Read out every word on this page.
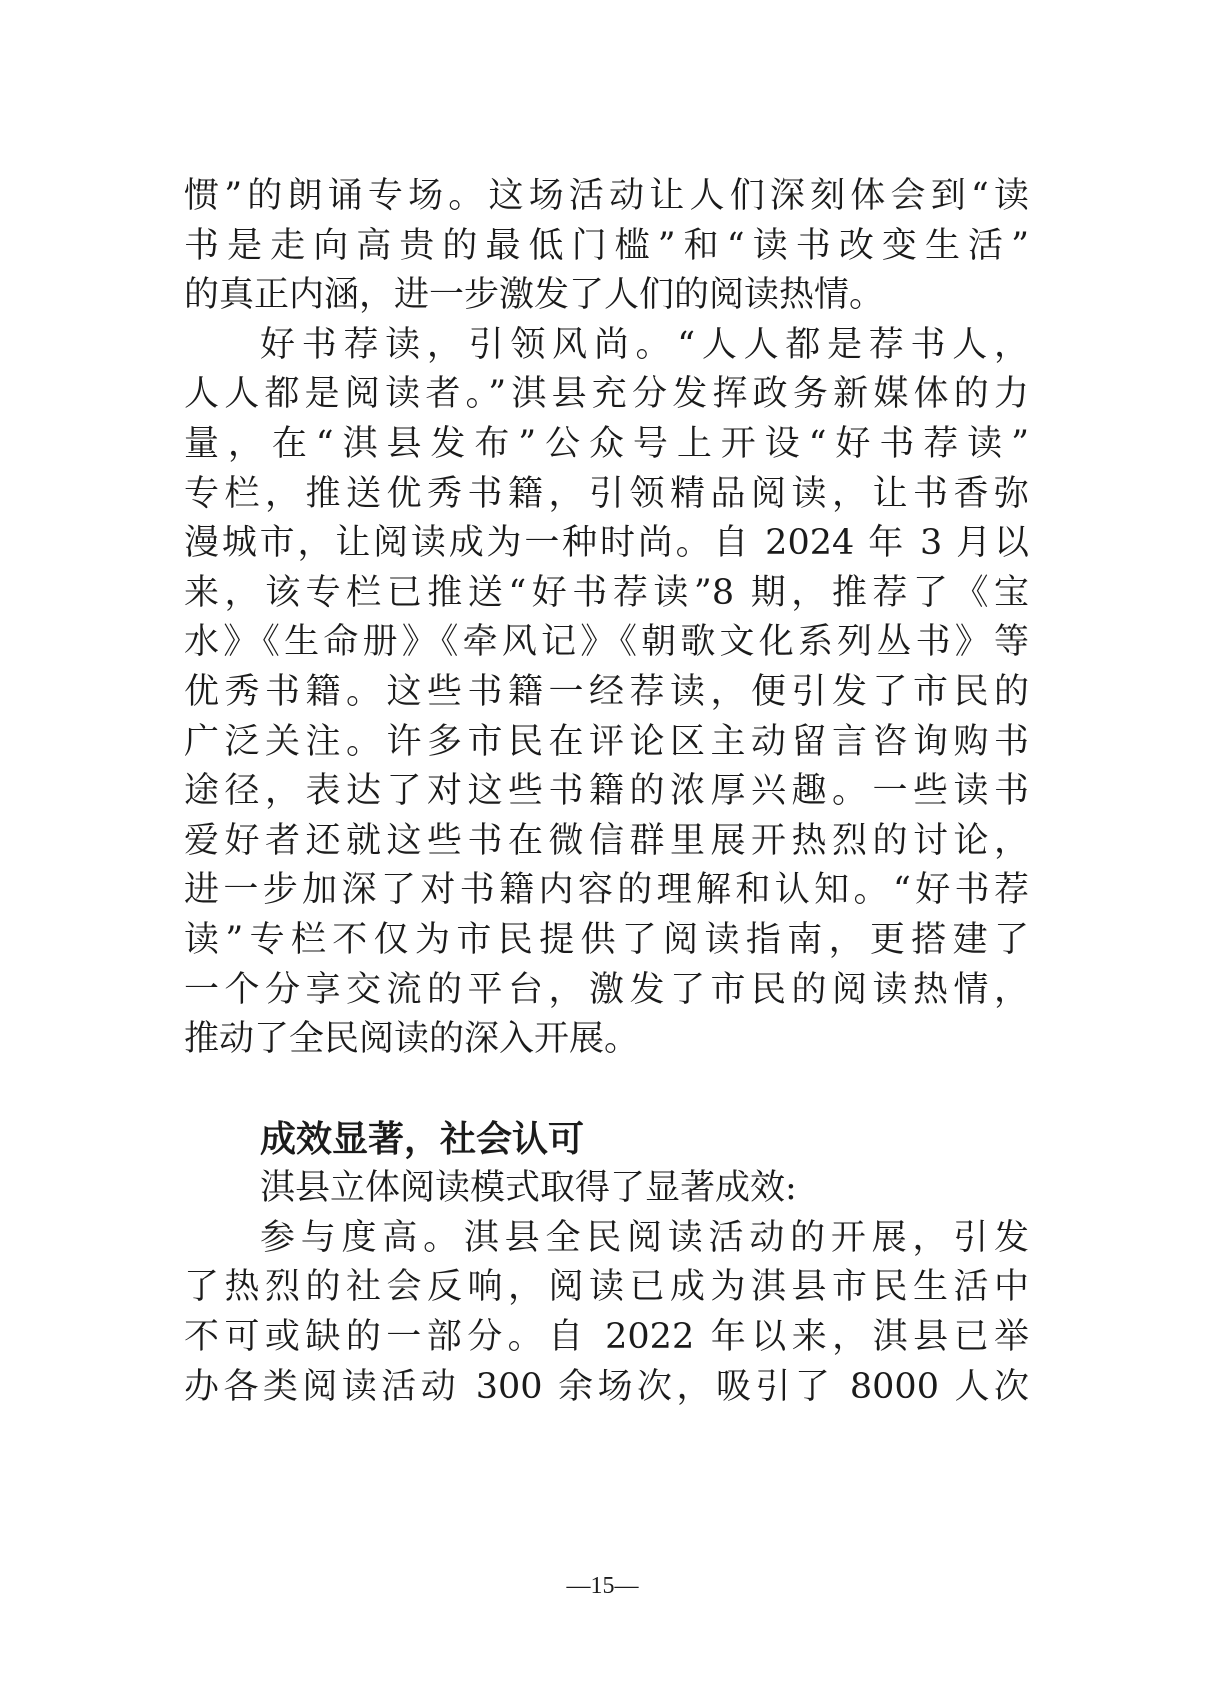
惯”的朗诵专场。这场活动让人们深刻体会到“读
书是走向高贵的最低门槛”和“读书改变生活”
的真正内涵，进一步激发了人们的阅读热情。
好书荐读，引领风尚。“人人都是荐书人，
人人都是阅读者。”淇县充分发挥政务新媒体的力
量，在“淇县发布”公众号上开设“好书荐读”
专栏，推送优秀书籍，引领精品阅读，让书香弥
漫城市，让阅读成为一种时尚。自 2024 年 3 月以
来，该专栏已推送“好书荐读”8 期，推荐了《宝
水》《生命册》《牵风记》《朝歌文化系列丛书》等
优秀书籍。这些书籍一经荐读，便引发了市民的
广泛关注。许多市民在评论区主动留言咨询购书
途径，表达了对这些书籍的浓厚兴趣。一些读书
爱好者还就这些书在微信群里展开热烈的讨论，
进一步加深了对书籍内容的理解和认知。“好书荐
读”专栏不仅为市民提供了阅读指南，更搭建了
一个分享交流的平台，激发了市民的阅读热情，
推动了全民阅读的深入开展。
成效显著，社会认可
淇县立体阅读模式取得了显著成效:
参与度高。淇县全民阅读活动的开展，引发
了热烈的社会反响，阅读已成为淇县市民生活中
不可或缺的一部分。自 2022 年以来，淇县已举
办各类阅读活动 300 余场次，吸引了 8000 人次
—15—
